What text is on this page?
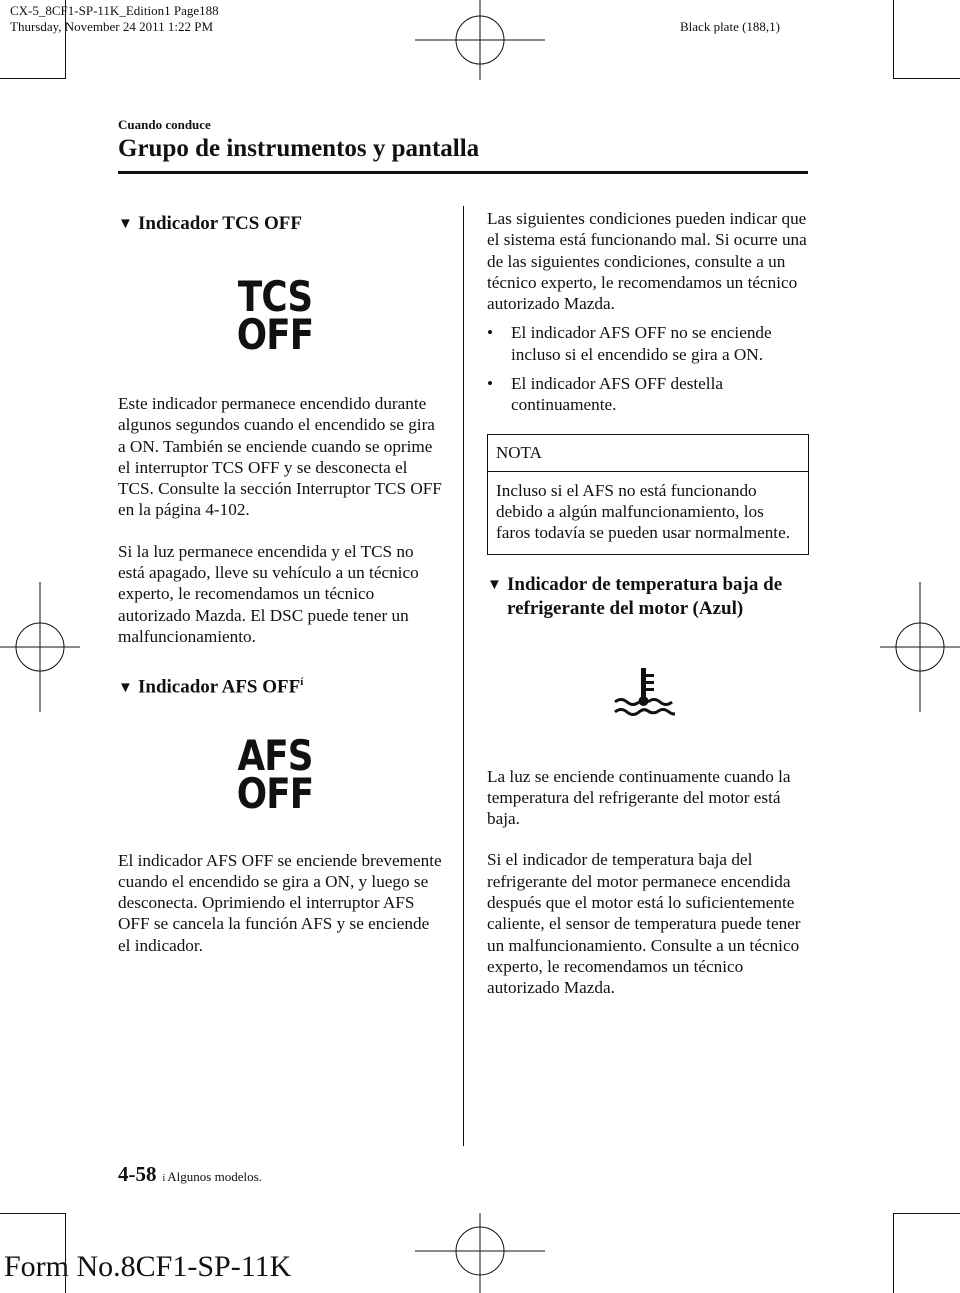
CX-5_8CF1-SP-11K_Edition1 Page188
Thursday, November 24 2011 1:22 PM	Black plate (188,1)
Cuando conduce
Grupo de instrumentos y pantalla
▼ Indicador TCS OFF
TCS
OFF

Este indicador permanece encendido durante algunos segundos cuando el encendido se gira a ON. También se enciende cuando se oprime el interruptor TCS OFF y se desconecta el TCS. Consulte la sección Interruptor TCS OFF en la página 4-102.

Si la luz permanece encendida y el TCS no está apagado, lleve su vehículo a un técnico experto, le recomendamos un técnico autorizado Mazda. El DSC puede tener un malfuncionamiento.

▼ Indicador AFS $OFF^í$
AFS
OFF

El indicador AFS OFF se enciende brevemente cuando el encendido se gira a ON, y luego se desconecta. Oprimiendo el interruptor AFS OFF se cancela la función AFS y se enciende el indicador.

Las siguientes condiciones pueden indicar que el sistema está funcionando mal. Si ocurre una de las siguientes condiciones, consulte a un técnico experto, le recomendamos un técnico autorizado Mazda.

•	El indicador AFS OFF no se enciende incluso si el encendido se gira a ON.
•	El indicador AFS OFF destella continuamente.
NOTA
Incluso si el AFS no está funcionando debido a algún malfuncionamiento, los faros todavía se pueden usar normalmente.
▼ Indicador de temperatura baja de
refrigerante del motor (Azul)

La luz se enciende continuamente cuando la temperatura del refrigerante del motor está baja.

Si el indicador de temperatura baja del refrigerante del motor permanece encendida después que el motor está lo suficientemente caliente, el sensor de temperatura puede tener un malfuncionamiento. Consulte a un técnico experto, le recomendamos un técnico autorizado Mazda.

4-58 $_í$ Algunos modelos.
Form No.8CF1-SP-11K
